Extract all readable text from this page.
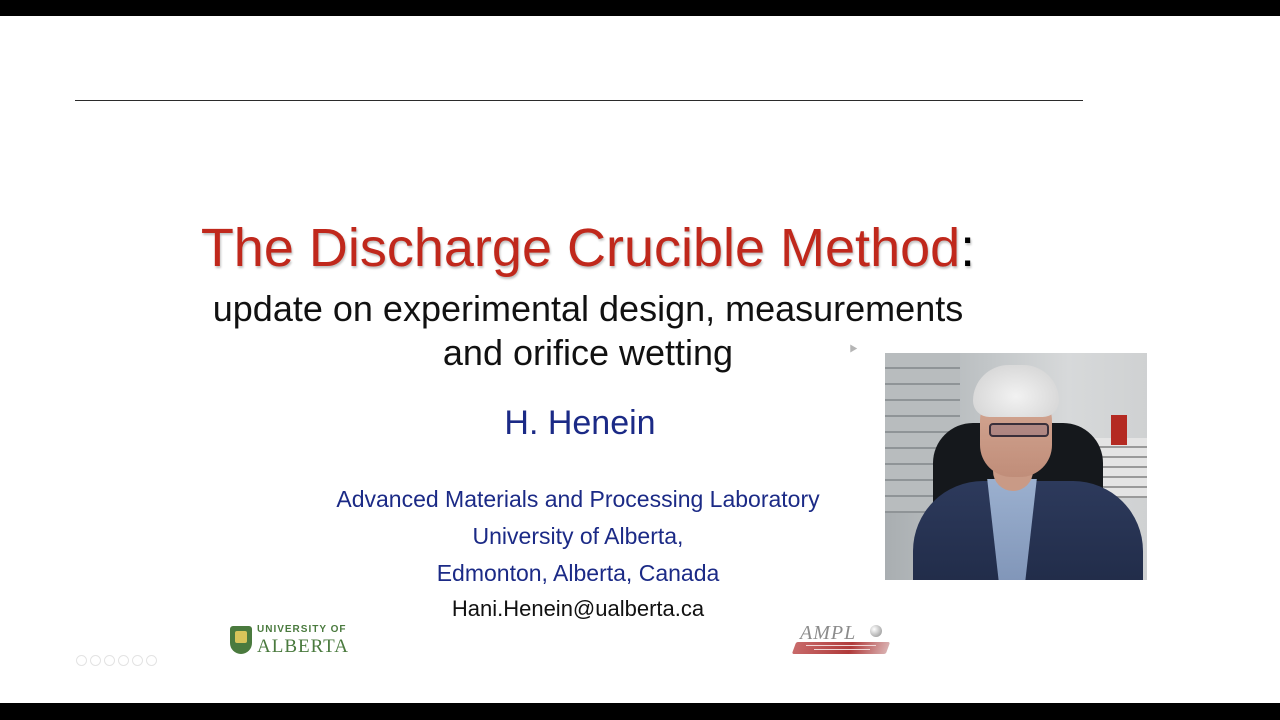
The Discharge Crucible Method:
update on experimental design, measurements
and orifice wetting
H. Henein
Advanced Materials and Processing Laboratory
University of Alberta,
Edmonton, Alberta, Canada
Hani.Henein@ualberta.ca
UNIVERSITY OF
ALBERTA
AMPL
